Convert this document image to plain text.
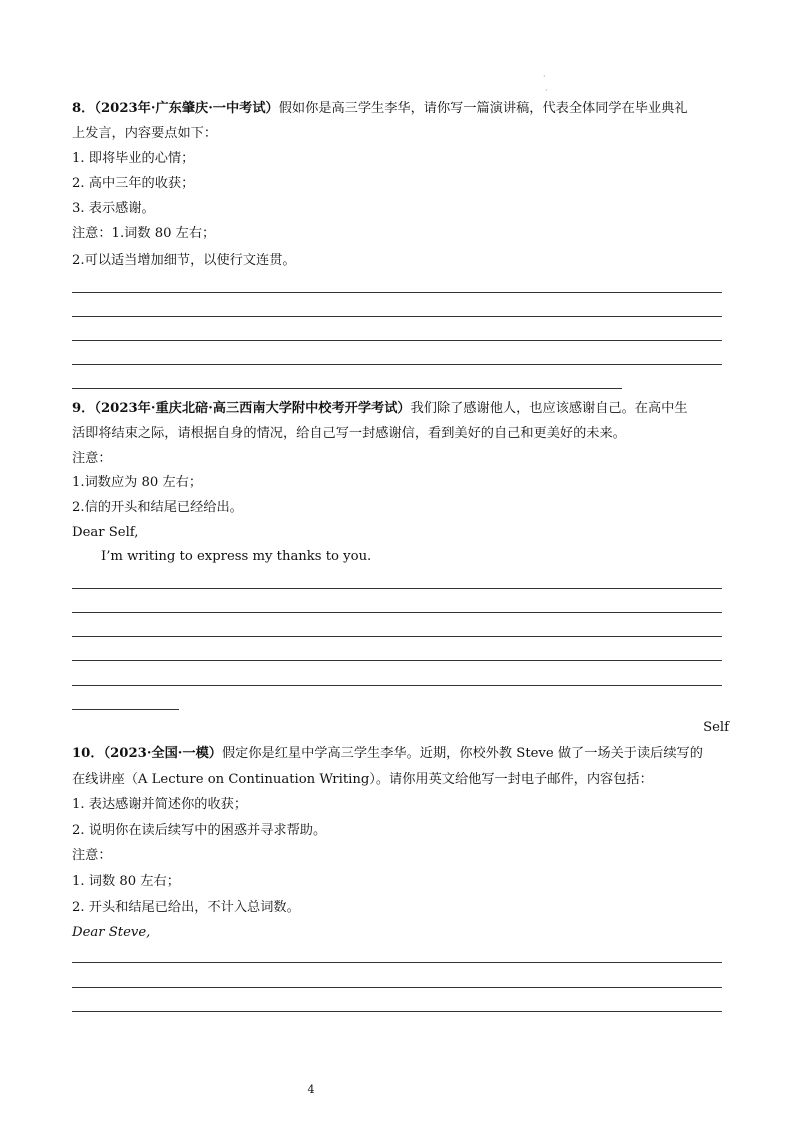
·
·
8．（2023年·广东肇庆·一中考试）假如你是高三学生李华，请你写一篇演讲稿，代表全体同学在毕业典礼
上发言，内容要点如下：
1. 即将毕业的心情；
2. 高中三年的收获；
3. 表示感谢。
注意：1.词数 80 左右；
2.可以适当增加细节，以使行文连贯。
9．（2023年·重庆北碚·高三西南大学附中校考开学考试）我们除了感谢他人，也应该感谢自己。在高中生
活即将结束之际，请根据自身的情况，给自己写一封感谢信，看到美好的自己和更美好的未来。
注意：
1.词数应为 80 左右；
2.信的开头和结尾已经给出。
Dear Self,
I’m writing to express my thanks to you.
Self
10．（2023·全国·一模）假定你是红星中学高三学生李华。近期，你校外教 Steve 做了一场关于读后续写的
在线讲座（A Lecture on Continuation Writing）。请你用英文给他写一封电子邮件，内容包括：
1. 表达感谢并简述你的收获；
2. 说明你在读后续写中的困惑并寻求帮助。
注意：
1. 词数 80 左右；
2. 开头和结尾已给出，不计入总词数。
Dear Steve,
4
